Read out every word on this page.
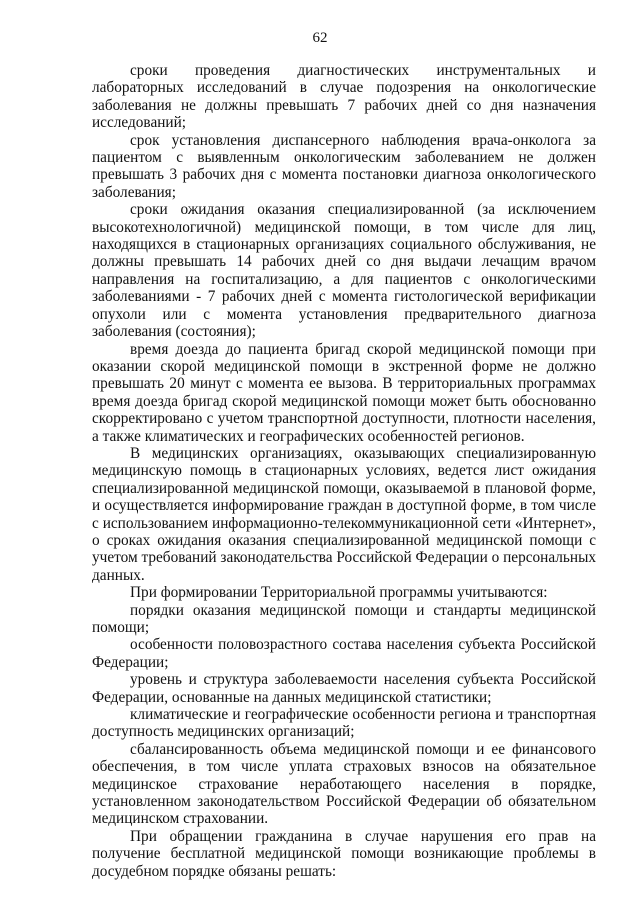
62

сроки проведения диагностических инструментальных и лабораторных исследований в случае подозрения на онкологические заболевания не должны превышать 7 рабочих дней со дня назначения исследований;

срок установления диспансерного наблюдения врача-онколога за пациентом с выявленным онкологическим заболеванием не должен превышать 3 рабочих дня с момента постановки диагноза онкологического заболевания;

сроки ожидания оказания специализированной (за исключением высокотехнологичной) медицинской помощи, в том числе для лиц, находящихся в стационарных организациях социального обслуживания, не должны превышать 14 рабочих дней со дня выдачи лечащим врачом направления на госпитализацию, а для пациентов с онкологическими заболеваниями - 7 рабочих дней с момента гистологической верификации опухоли или с момента установления предварительного диагноза заболевания (состояния);

время доезда до пациента бригад скорой медицинской помощи при оказании скорой медицинской помощи в экстренной форме не должно превышать 20 минут с момента ее вызова. В территориальных программах время доезда бригад скорой медицинской помощи может быть обоснованно скорректировано с учетом транспортной доступности, плотности населения, а также климатических и географических особенностей регионов.

В медицинских организациях, оказывающих специализированную медицинскую помощь в стационарных условиях, ведется лист ожидания специализированной медицинской помощи, оказываемой в плановой форме, и осуществляется информирование граждан в доступной форме, в том числе с использованием информационно-телекоммуникационной сети «Интернет», о сроках ожидания оказания специализированной медицинской помощи с учетом требований законодательства Российской Федерации о персональных данных.

При формировании Территориальной программы учитываются:

порядки оказания медицинской помощи и стандарты медицинской помощи;

особенности половозрастного состава населения субъекта Российской Федерации;

уровень и структура заболеваемости населения субъекта Российской Федерации, основанные на данных медицинской статистики;

климатические и географические особенности региона и транспортная доступность медицинских организаций;

сбалансированность объема медицинской помощи и ее финансового обеспечения, в том числе уплата страховых взносов на обязательное медицинское страхование неработающего населения в порядке, установленном законодательством Российской Федерации об обязательном медицинском страховании.

При обращении гражданина в случае нарушения его прав на получение бесплатной медицинской помощи возникающие проблемы в досудебном порядке обязаны решать:
